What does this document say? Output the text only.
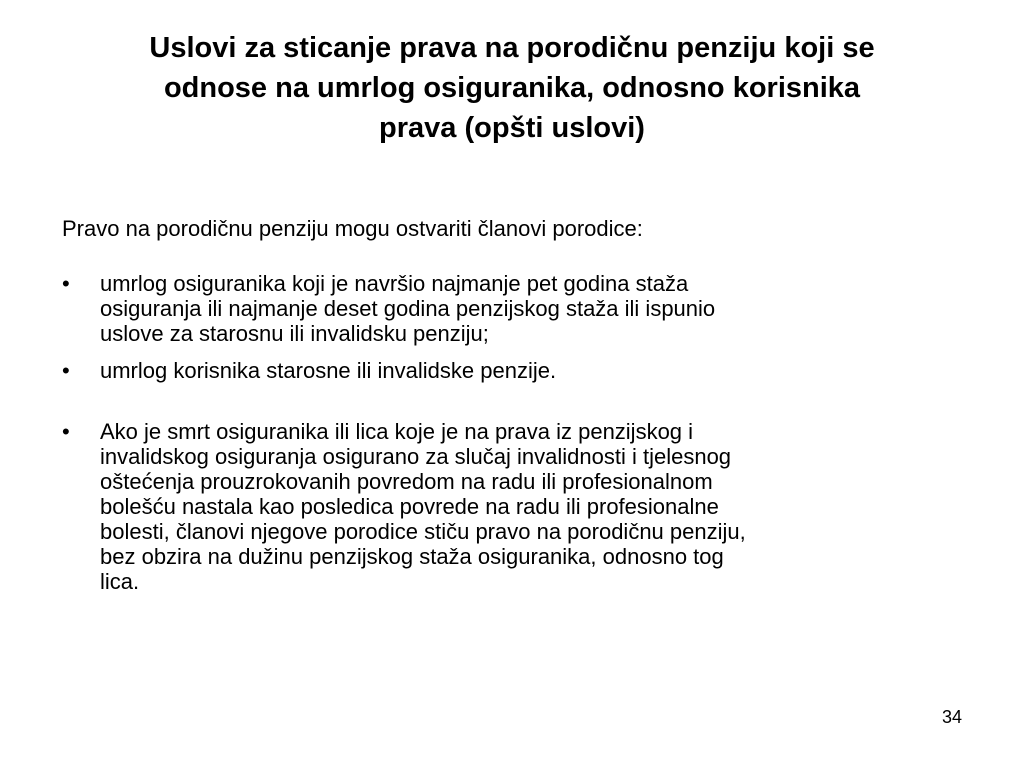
Uslovi za sticanje prava na porodičnu penziju koji se
odnose na umrlog osiguranika, odnosno korisnika
prava (opšti uslovi)

Pravo na porodičnu penziju mogu ostvariti članovi porodice:

•	umrlog osiguranika koji je navršio najmanje pet godina staža
osiguranja ili najmanje deset godina penzijskog staža ili ispunio
uslove za starosnu ili invalidsku penziju;
•	umrlog korisnika starosne ili invalidske penzije.
•	Ako je smrt osiguranika ili lica koje je na prava iz penzijskog i
invalidskog osiguranja osigurano za slučaj invalidnosti i tjelesnog
oštećenja prouzrokovanih povredom na radu ili profesionalnom
bolešću nastala kao posledica povrede na radu ili profesionalne
bolesti, članovi njegove porodice stiču pravo na porodičnu penziju,
bez obzira na dužinu penzijskog staža osiguranika, odnosno tog
lica.
34
